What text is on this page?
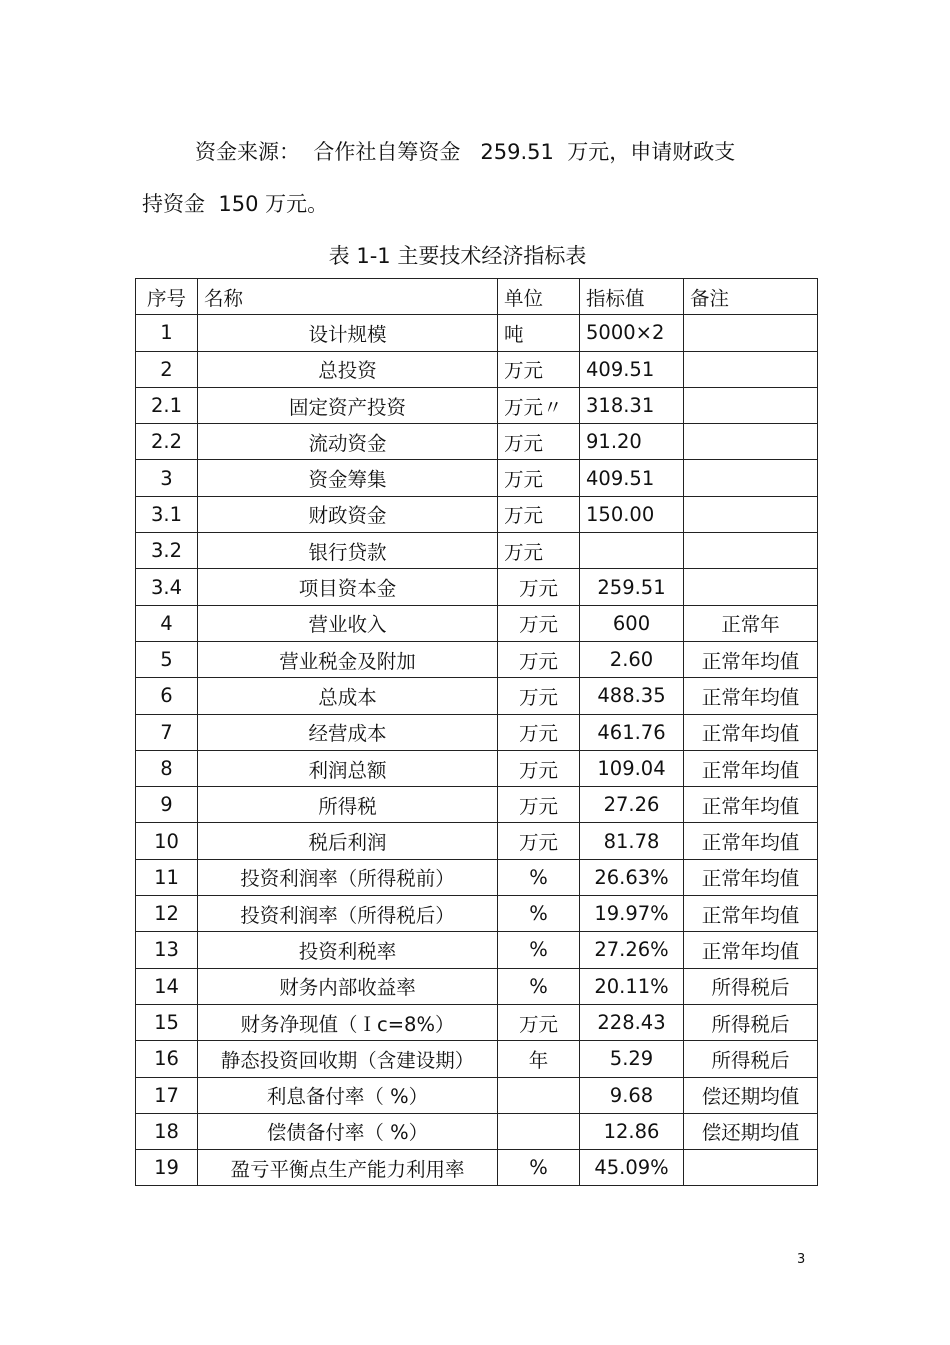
资金来源：  合作社自筹资金   259.51  万元，申请财政支
持资金  150 万元。
表 1-1 主要技术经济指标表
序号	名称	单位	指标值	备注
1	设计规模	吨	5000×2	
2	总投资	万元	409.51	
2.1	固定资产投资	万元〃	318.31	
2.2	流动资金	万元	91.20	
3	资金筹集	万元	409.51	
3.1	财政资金	万元	150.00	
3.2	银行贷款	万元		
3.4	项目资本金	万元	259.51	
4	营业收入	万元	600	正常年
5	营业税金及附加	万元	2.60	正常年均值
6	总成本	万元	488.35	正常年均值
7	经营成本	万元	461.76	正常年均值
8	利润总额	万元	109.04	正常年均值
9	所得税	万元	27.26	正常年均值
10	税后利润	万元	81.78	正常年均值
11	投资利润率（所得税前）	%	26.63%	正常年均值
12	投资利润率（所得税后）	%	19.97%	正常年均值
13	投资利税率	%	27.26%	正常年均值
14	财务内部收益率	%	20.11%	所得税后
15	财务净现值（Ｉc=8%）	万元	228.43	所得税后
16	静态投资回收期（含建设期）	年	5.29	所得税后
17	利息备付率（ %）		9.68	偿还期均值
18	偿债备付率（ %）		12.86	偿还期均值
19	盈亏平衡点生产能力利用率	%	45.09%	
3
